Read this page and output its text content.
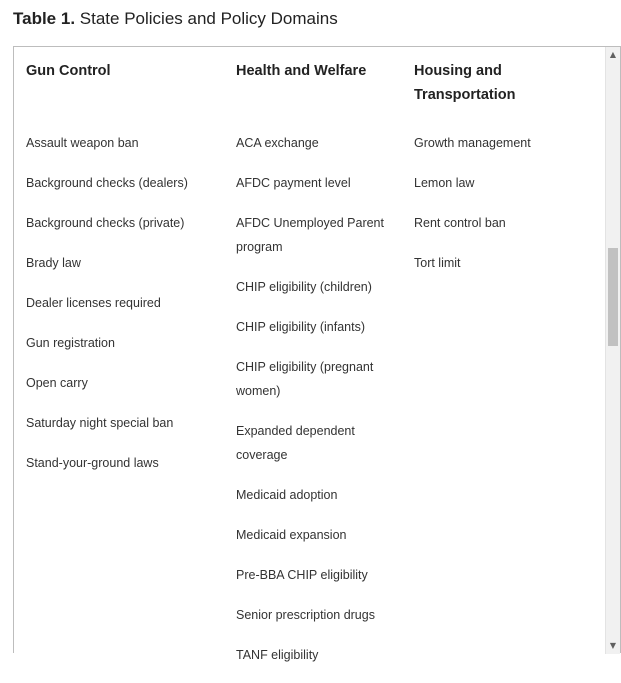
Table 1. State Policies and Policy Domains
Gun Control
Assault weapon ban
Background checks (dealers)
Background checks (private)
Brady law
Dealer licenses required
Gun registration
Open carry
Saturday night special ban
Stand-your-ground laws
Health and Welfare
ACA exchange
AFDC payment level
AFDC Unemployed Parent program
CHIP eligibility (children)
CHIP eligibility (infants)
CHIP eligibility (pregnant women)
Expanded dependent coverage
Medicaid adoption
Medicaid expansion
Pre-BBA CHIP eligibility
Senior prescription drugs
TANF eligibility
Housing and Transportation
Growth management
Lemon law
Rent control ban
Tort limit
▲
▼
